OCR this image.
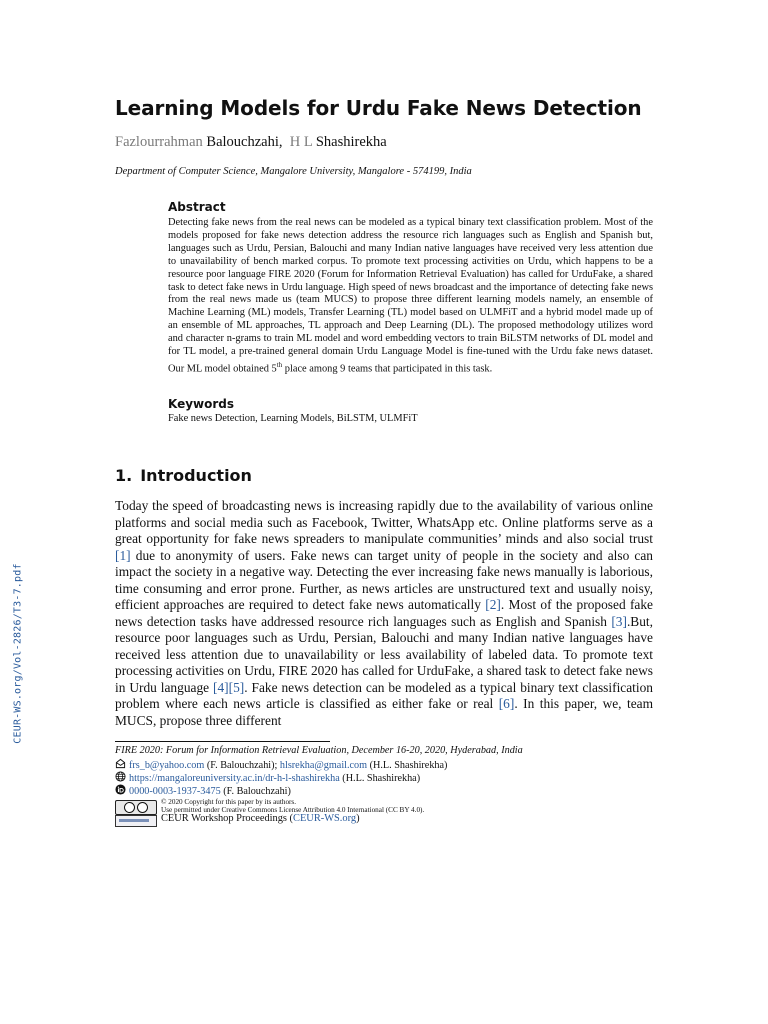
CEUR-WS.org/Vol-2826/T3-7.pdf
Learning Models for Urdu Fake News Detection
Fazlourrahman Balouchzahi, H L Shashirekha
Department of Computer Science, Mangalore University, Mangalore - 574199, India
Abstract
Detecting fake news from the real news can be modeled as a typical binary text classification problem. Most of the models proposed for fake news detection address the resource rich languages such as English and Spanish but, languages such as Urdu, Persian, Balouchi and many Indian native languages have received very less attention due to unavailability of bench marked corpus. To promote text processing activities on Urdu, which happens to be a resource poor language FIRE 2020 (Forum for Information Retrieval Evaluation) has called for UrduFake, a shared task to detect fake news in Urdu language. High speed of news broadcast and the importance of detecting fake news from the real news made us (team MUCS) to propose three different learning models namely, an ensemble of Machine Learning (ML) models, Transfer Learning (TL) model based on ULMFiT and a hybrid model made up of an ensemble of ML approaches, TL approach and Deep Learning (DL). The proposed methodology utilizes word and character n-grams to train ML model and word embedding vectors to train BiLSTM networks of DL model and for TL model, a pre-trained general domain Urdu Language Model is fine-tuned with the Urdu fake news dataset. Our ML model obtained 5th place among 9 teams that participated in this task.
Keywords
Fake news Detection, Learning Models, BiLSTM, ULMFiT
1. Introduction
Today the speed of broadcasting news is increasing rapidly due to the availability of various online platforms and social media such as Facebook, Twitter, WhatsApp etc. Online platforms serve as a great opportunity for fake news spreaders to manipulate communities’ minds and also social trust [1] due to anonymity of users. Fake news can target unity of people in the society and also can impact the society in a negative way. Detecting the ever increasing fake news manually is laborious, time consuming and error prone. Further, as news articles are unstructured text and usually noisy, efficient approaches are required to detect fake news automatically [2]. Most of the proposed fake news detection tasks have addressed resource rich languages such as English and Spanish [3].But, resource poor languages such as Urdu, Persian, Balouchi and many Indian native languages have received less attention due to unavailability or less availability of labeled data. To promote text processing activities on Urdu, FIRE 2020 has called for UrduFake, a shared task to detect fake news in Urdu language [4][5]. Fake news detection can be modeled as a typical binary text classification problem where each news article is classified as either fake or real [6]. In this paper, we, team MUCS, propose three different
FIRE 2020: Forum for Information Retrieval Evaluation, December 16-20, 2020, Hyderabad, India
frs_b@yahoo.com (F. Balouchzahi); hlsrekha@gmail.com (H.L. Shashirekha)
https://mangaloreuniversity.ac.in/dr-h-l-shashirekha (H.L. Shashirekha)
0000-0003-1937-3475 (F. Balouchzahi)
© 2020 Copyright for this paper by its authors.
Use permitted under Creative Commons License Attribution 4.0 International (CC BY 4.0).
CEUR Workshop Proceedings (CEUR-WS.org)
